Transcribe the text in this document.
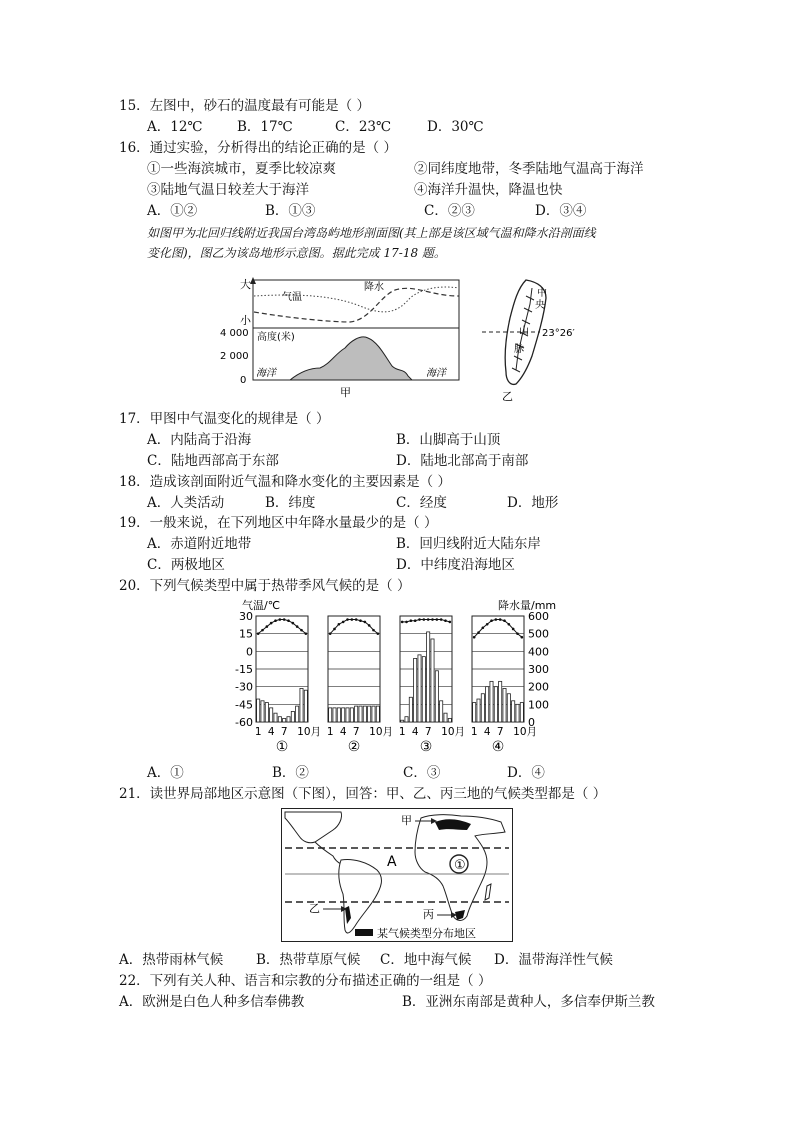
15．左图中，砂石的温度最有可能是（ ）
A．12℃	B．17℃	C．23℃	D．30℃
16．通过实验，分析得出的结论正确的是（ ）
①一些海滨城市，夏季比较凉爽	②同纬度地带，冬季陆地气温高于海洋
③陆地气温日较差大于海洋	④海洋升温快，降温也快
A．①②	B．①③	C．②③	D．③④
如图甲为北回归线附近我国台湾岛屿地形剖面图(其上部是该区域气温和降水沿剖面线
变化图)，图乙为该岛地形示意图。据此完成 17-18 题。
大
小
气温
降水
4 000
2 000
0
高度(米)
海洋	海洋
甲
中
央
山
脉
23°26′
乙
17．甲图中气温变化的规律是（ ）
A．内陆高于沿海	B．山脚高于山顶
C．陆地西部高于东部	D．陆地北部高于南部
18．造成该剖面附近气温和降水变化的主要因素是（ ）
A．人类活动	B．纬度	C．经度	D．地形
19．一般来说，在下列地区中年降水量最少的是（ ）
A．赤道附近地带	B．回归线附近大陆东岸
C．两极地区	D．中纬度沿海地区
20．下列气候类型中属于热带季风气候的是（ ）
气温/℃	降水量/mm
30
15
0
-15
-30
-45
-60
600
500
400
300
200
100
0
1 4 7 10月
①
1 4 7 10月
②
1 4 7 10月
③
1 4 7 10月
④
A．①	B．②	C．③	D．④
21．读世界局部地区示意图（下图），回答：甲、乙、丙三地的气候类型都是（ ）
甲
A	①
乙	丙
某气候类型分布地区
A．热带雨林气候 B．热带草原气候 C．地中海气候 D．温带海洋性气候
22．下列有关人种、语言和宗教的分布描述正确的一组是（ ）
A．欧洲是白色人种多信奉佛教	B．亚洲东南部是黄种人，多信奉伊斯兰教
